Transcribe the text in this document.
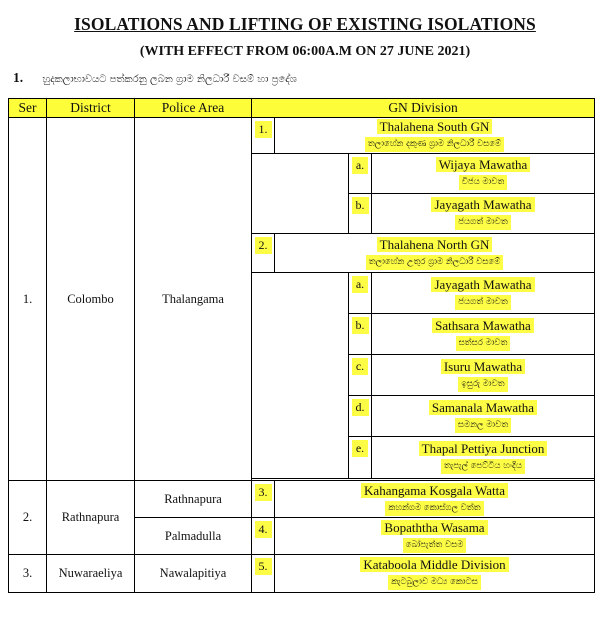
ISOLATIONS AND LIFTING OF EXISTING ISOLATIONS
(WITH EFFECT FROM 06:00A.M ON 27 JUNE 2021)
1. හුදකලාභාවයට පත්කරනු ලබන ග්‍රාම නිලධාරී වසම් හා ප්‍රදේශ
Ser	District	Police Area	GN Division			
1.	Colombo	Thalangama	1.	Thalahena South GN
තලාහේන දකුණ ග්‍රාම නිලධාරී වසමේ		
					a.	Wijaya Mawatha
විජය මාවත
					b.	Jayagath Mawatha
ජයගත් මාවත
			2.	Thalahena North GN
තලාහේන උතුර ග්‍රාම නිලධාරී වසමේ		
					a.	Jayagath Mawatha
ජයගත් මාවත
					b.	Sathsara Mawatha
සත්සර මාවත
					c.	Isuru Mawatha
ඉසුරු මාවත
					d.	Samanala Mawatha
සමනල මාවත
					e.	Thapal Pettiya Junction
තැපැල් පෙට්ටිය හංදිය

2.	Rathnapura	Rathnapura	3.	Kahangama Kosgala Watta
කහන්ගම කොස්ගල වත්ත		
		Palmadulla	4.	Bopaththa Wasama
බෝපැත්ත වසම		
3.	Nuwaraeliya	Nawalapitiya	5.	Kataboola Middle Division
කැටබුලාව මධ්‍ය කොටස		
